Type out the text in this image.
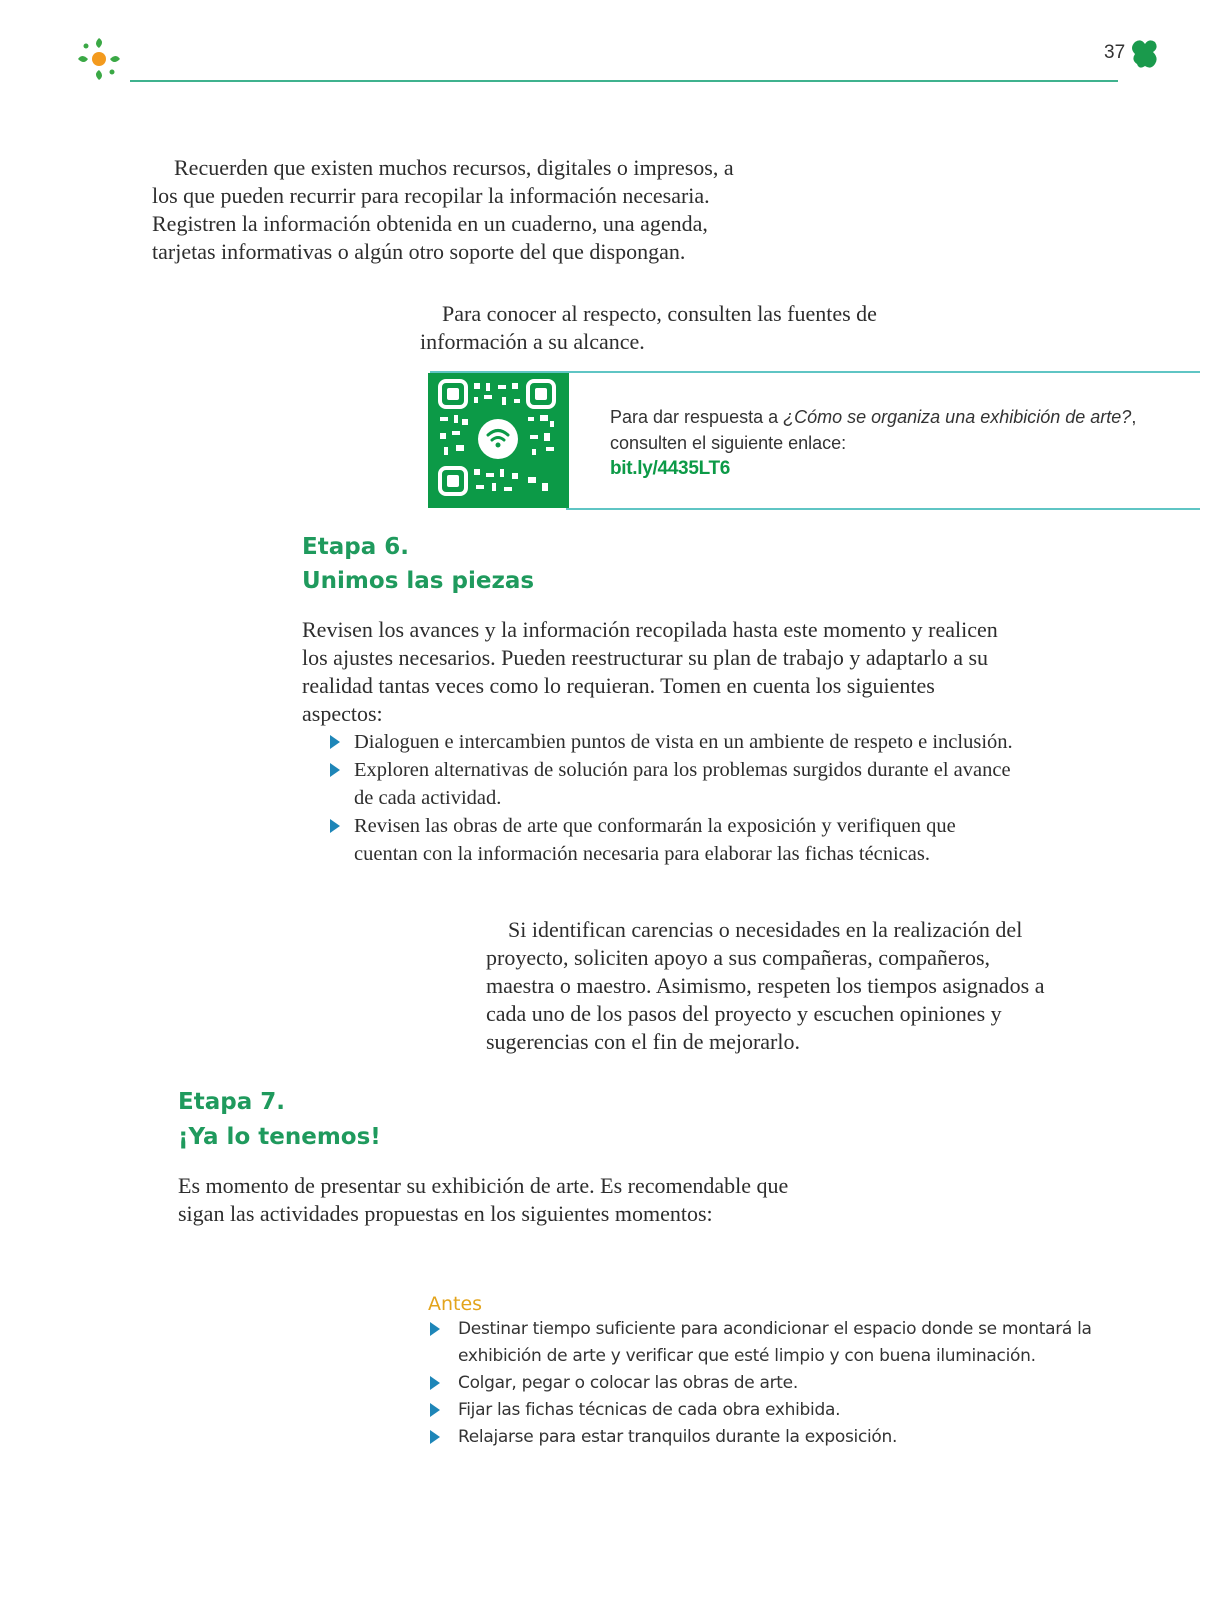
37

Recuerden que existen muchos recursos, digitales o impresos, a los que pueden recurrir para recopilar la información necesaria. Registren la información obtenida en un cuaderno, una agenda, tarjetas informativas o algún otro soporte del que dispongan.

Para conocer al respecto, consulten las fuentes de información a su alcance.

Para dar respuesta a ¿Cómo se organiza una exhibición de arte?, consulten el siguiente enlace:
bit.ly/4435LT6
Etapa 6.
Unimos las piezas

Revisen los avances y la información recopilada hasta este momento y realicen los ajustes necesarios. Pueden reestructurar su plan de trabajo y adaptarlo a su realidad tantas veces como lo requieran. Tomen en cuenta los siguientes aspectos:

Dialoguen e intercambien puntos de vista en un ambiente de respeto e inclusión.
Exploren alternativas de solución para los problemas surgidos durante el avance de cada actividad.
Revisen las obras de arte que conformarán la exposición y verifiquen que cuentan con la información necesaria para elaborar las fichas técnicas.

Si identifican carencias o necesidades en la realización del proyecto, soliciten apoyo a sus compañeras, compañeros, maestra o maestro. Asimismo, respeten los tiempos asignados a cada uno de los pasos del proyecto y escuchen opiniones y sugerencias con el fin de mejorarlo.

Etapa 7.
¡Ya lo tenemos!

Es momento de presentar su exhibición de arte. Es recomendable que sigan las actividades propuestas en los siguientes momentos:

Antes
Destinar tiempo suficiente para acondicionar el espacio donde se montará la exhibición de arte y verificar que esté limpio y con buena iluminación.
Colgar, pegar o colocar las obras de arte.
Fijar las fichas técnicas de cada obra exhibida.
Relajarse para estar tranquilos durante la exposición.
